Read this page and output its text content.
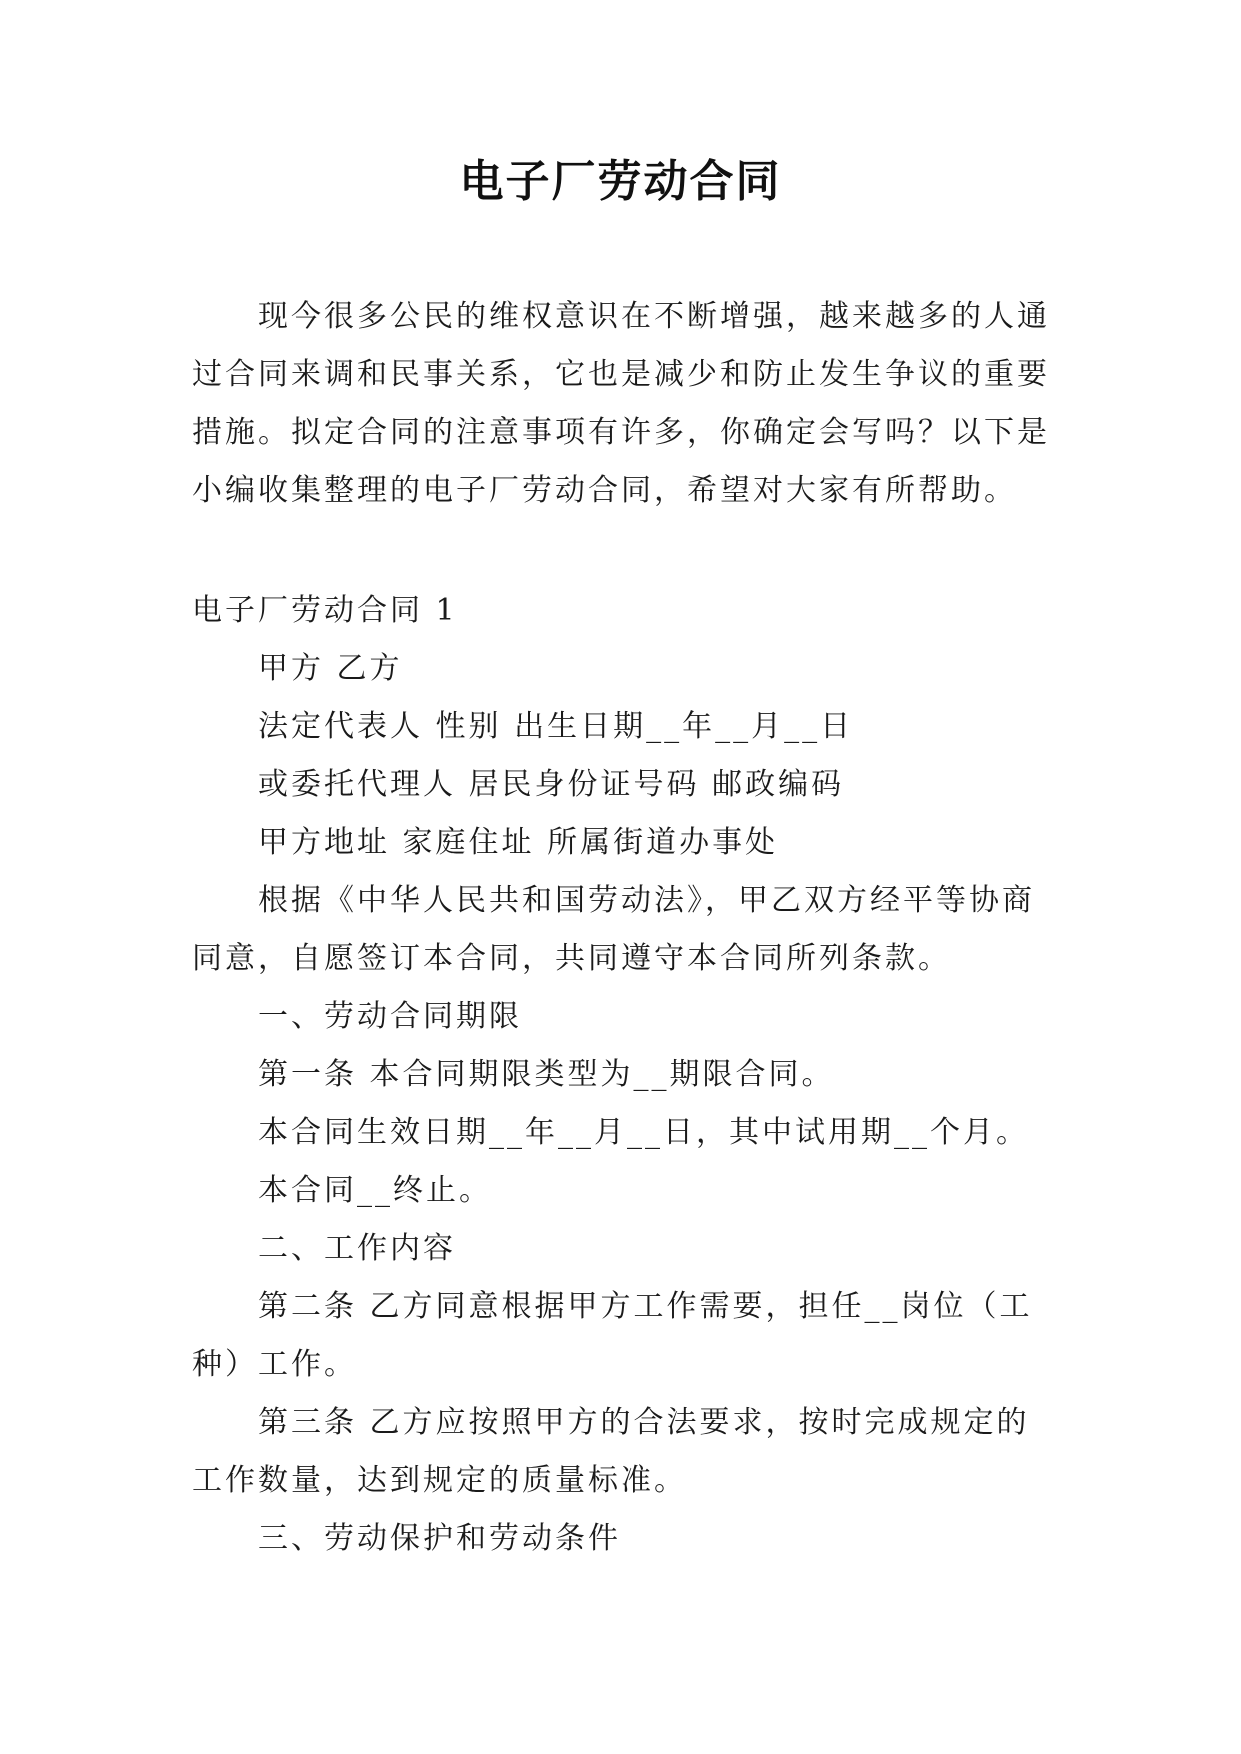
电子厂劳动合同

现今很多公民的维权意识在不断增强，越来越多的人通过合同来调和民事关系，它也是减少和防止发生争议的重要措施。拟定合同的注意事项有许多，你确定会写吗？以下是小编收集整理的电子厂劳动合同，希望对大家有所帮助。

电子厂劳动合同 1

甲方 乙方

法定代表人 性别 出生日期__年__月__日

或委托代理人 居民身份证号码 邮政编码

甲方地址 家庭住址 所属街道办事处

根据《中华人民共和国劳动法》，甲乙双方经平等协商同意，自愿签订本合同，共同遵守本合同所列条款。

一、劳动合同期限

第一条 本合同期限类型为__期限合同。

本合同生效日期__年__月__日，其中试用期__个月。

本合同__终止。

二、工作内容

第二条 乙方同意根据甲方工作需要，担任__岗位（工种）工作。

第三条 乙方应按照甲方的合法要求，按时完成规定的工作数量，达到规定的质量标准。

三、劳动保护和劳动条件
